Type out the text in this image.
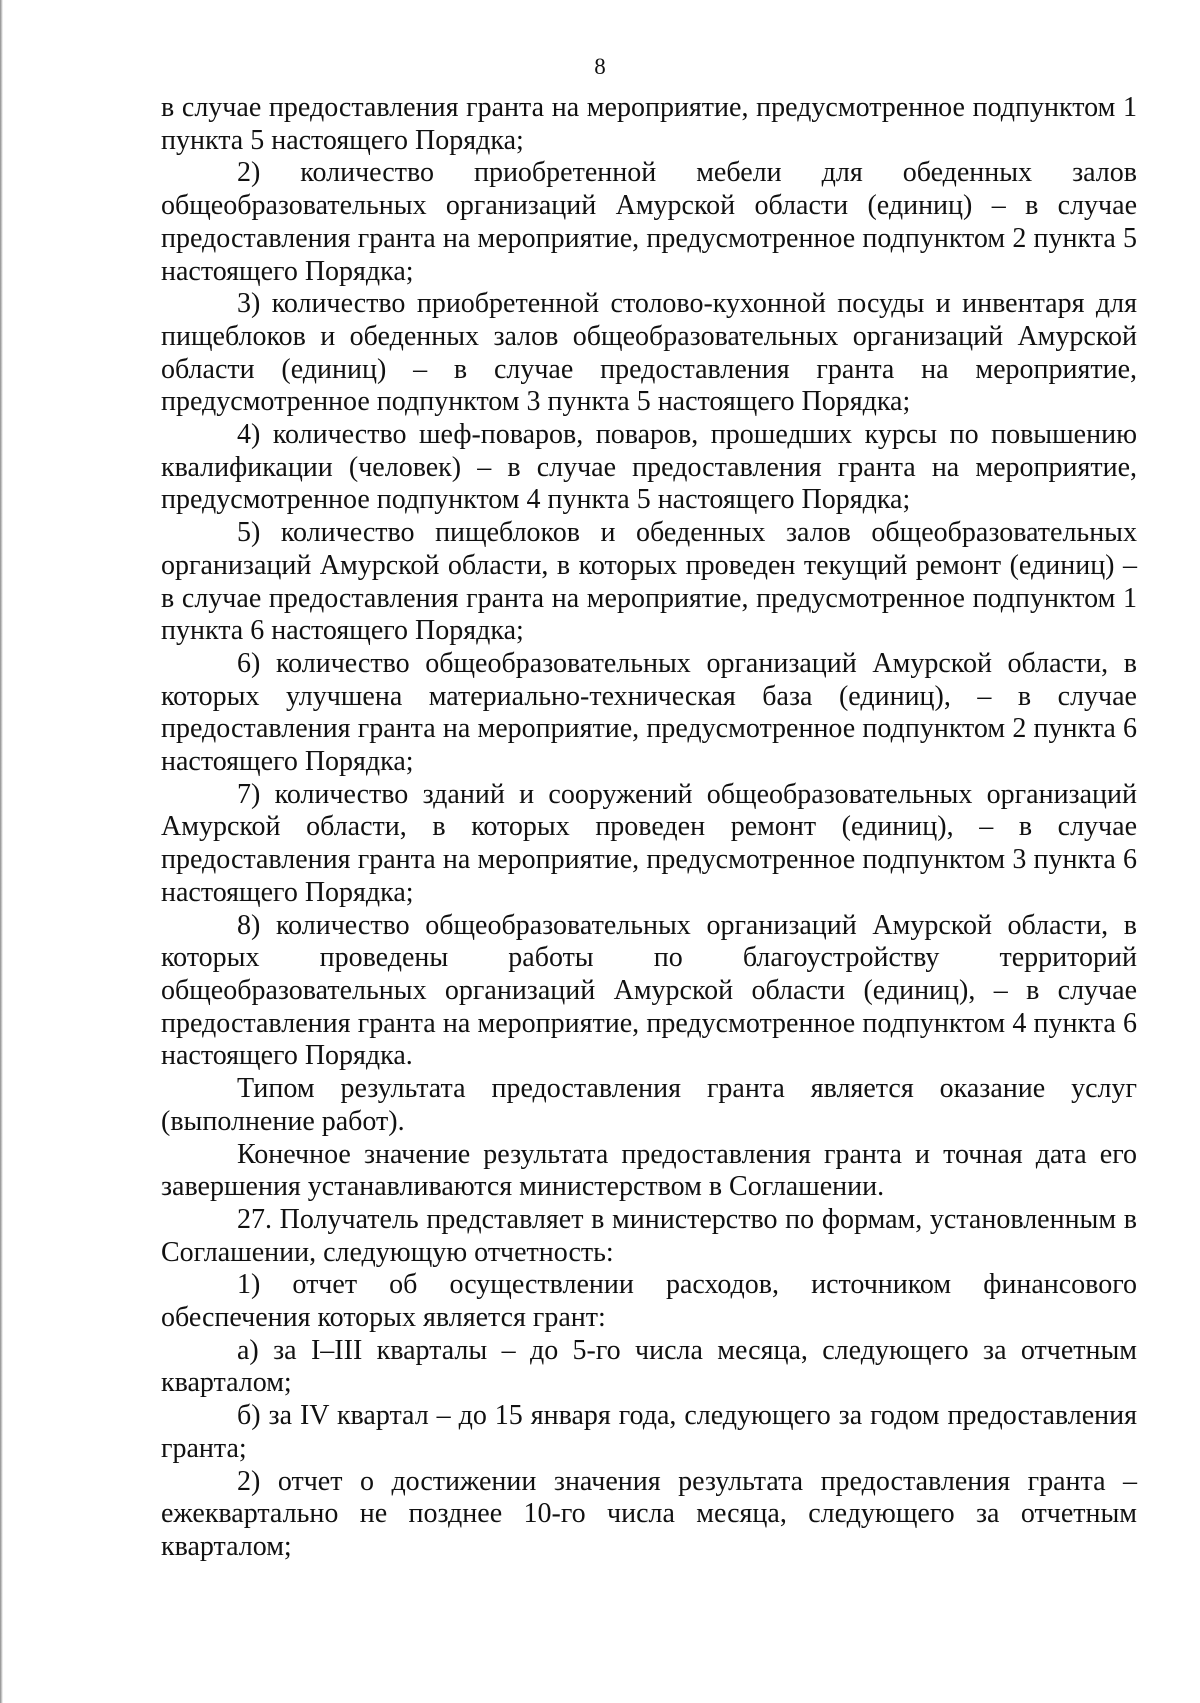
8

в случае предоставления гранта на мероприятие, предусмотренное подпунктом 1 пункта 5 настоящего Порядка;

2) количество приобретенной мебели для обеденных залов общеобразовательных организаций Амурской области (единиц) – в случае предоставления гранта на мероприятие, предусмотренное подпунктом 2 пункта 5 настоящего Порядка;

3) количество приобретенной столово-кухонной посуды и инвентаря для пищеблоков и обеденных залов общеобразовательных организаций Амурской области (единиц) – в случае предоставления гранта на мероприятие, предусмотренное подпунктом 3 пункта 5 настоящего Порядка;

4) количество шеф-поваров, поваров, прошедших курсы по повышению квалификации (человек) – в случае предоставления гранта на мероприятие, предусмотренное подпунктом 4 пункта 5 настоящего Порядка;

5) количество пищеблоков и обеденных залов общеобразовательных организаций Амурской области, в которых проведен текущий ремонт (единиц) – в случае предоставления гранта на мероприятие, предусмотренное подпунктом 1 пункта 6 настоящего Порядка;

6) количество общеобразовательных организаций Амурской области, в которых улучшена материально-техническая база (единиц), – в случае предоставления гранта на мероприятие, предусмотренное подпунктом 2 пункта 6 настоящего Порядка;

7) количество зданий и сооружений общеобразовательных организаций Амурской области, в которых проведен ремонт (единиц), – в случае предоставления гранта на мероприятие, предусмотренное подпунктом 3 пункта 6 настоящего Порядка;

8) количество общеобразовательных организаций Амурской области, в которых проведены работы по благоустройству территорий общеобразовательных организаций Амурской области (единиц), – в случае предоставления гранта на мероприятие, предусмотренное подпунктом 4 пункта 6 настоящего Порядка.

Типом результата предоставления гранта является оказание услуг (выполнение работ).

Конечное значение результата предоставления гранта и точная дата его завершения устанавливаются министерством в Соглашении.

27. Получатель представляет в министерство по формам, установленным в Соглашении, следующую отчетность:

1) отчет об осуществлении расходов, источником финансового обеспечения которых является грант:

а) за I–III кварталы – до 5-го числа месяца, следующего за отчетным кварталом;

б) за IV квартал – до 15 января года, следующего за годом предоставления гранта;

2) отчет о достижении значения результата предоставления гранта – ежеквартально не позднее 10-го числа месяца, следующего за отчетным кварталом;
